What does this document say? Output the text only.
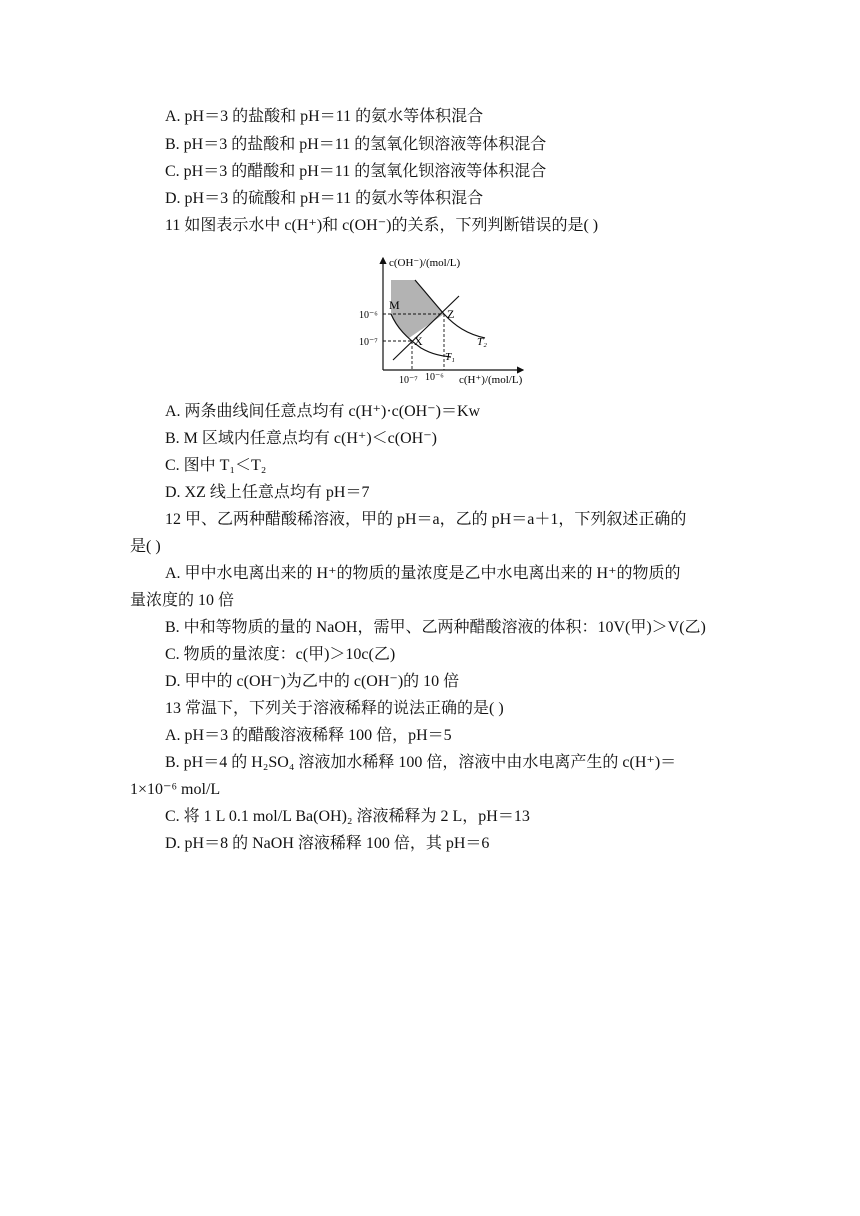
A. pH＝3 的盐酸和 pH＝11 的氨水等体积混合
B. pH＝3 的盐酸和 pH＝11 的氢氧化钡溶液等体积混合
C. pH＝3 的醋酸和 pH＝11 的氢氧化钡溶液等体积混合
D. pH＝3 的硫酸和 pH＝11 的氨水等体积混合
11 如图表示水中 c(H⁺)和 c(OH⁻)的关系，下列判断错误的是( )
c(OH⁻)/(mol/L)
c(H⁺)/(mol/L)
10⁻⁶
10⁻⁷
10⁻⁷ 10⁻⁶
M
Z
X
T₁
T₂
A. 两条曲线间任意点均有 c(H⁺)·c(OH⁻)＝Kw
B. M 区域内任意点均有 c(H⁺)＜c(OH⁻)
C. 图中 T₁＜T₂
D. XZ 线上任意点均有 pH＝7
12 甲、乙两种醋酸稀溶液，甲的 pH＝a，乙的 pH＝a＋1，下列叙述正确的
是( )
A. 甲中水电离出来的 H⁺的物质的量浓度是乙中水电离出来的 H⁺的物质的
量浓度的 10 倍
B. 中和等物质的量的 NaOH，需甲、乙两种醋酸溶液的体积：10V(甲)＞V(乙)
C. 物质的量浓度：c(甲)＞10c(乙)
D. 甲中的 c(OH⁻)为乙中的 c(OH⁻)的 10 倍
13 常温下，下列关于溶液稀释的说法正确的是( )
A. pH＝3 的醋酸溶液稀释 100 倍，pH＝5
B. pH＝4 的 H₂SO₄ 溶液加水稀释 100 倍，溶液中由水电离产生的 c(H⁺)＝
1×10⁻⁶ mol/L
C. 将 1 L 0.1 mol/L Ba(OH)₂ 溶液稀释为 2 L，pH＝13
D. pH＝8 的 NaOH 溶液稀释 100 倍，其 pH＝6
